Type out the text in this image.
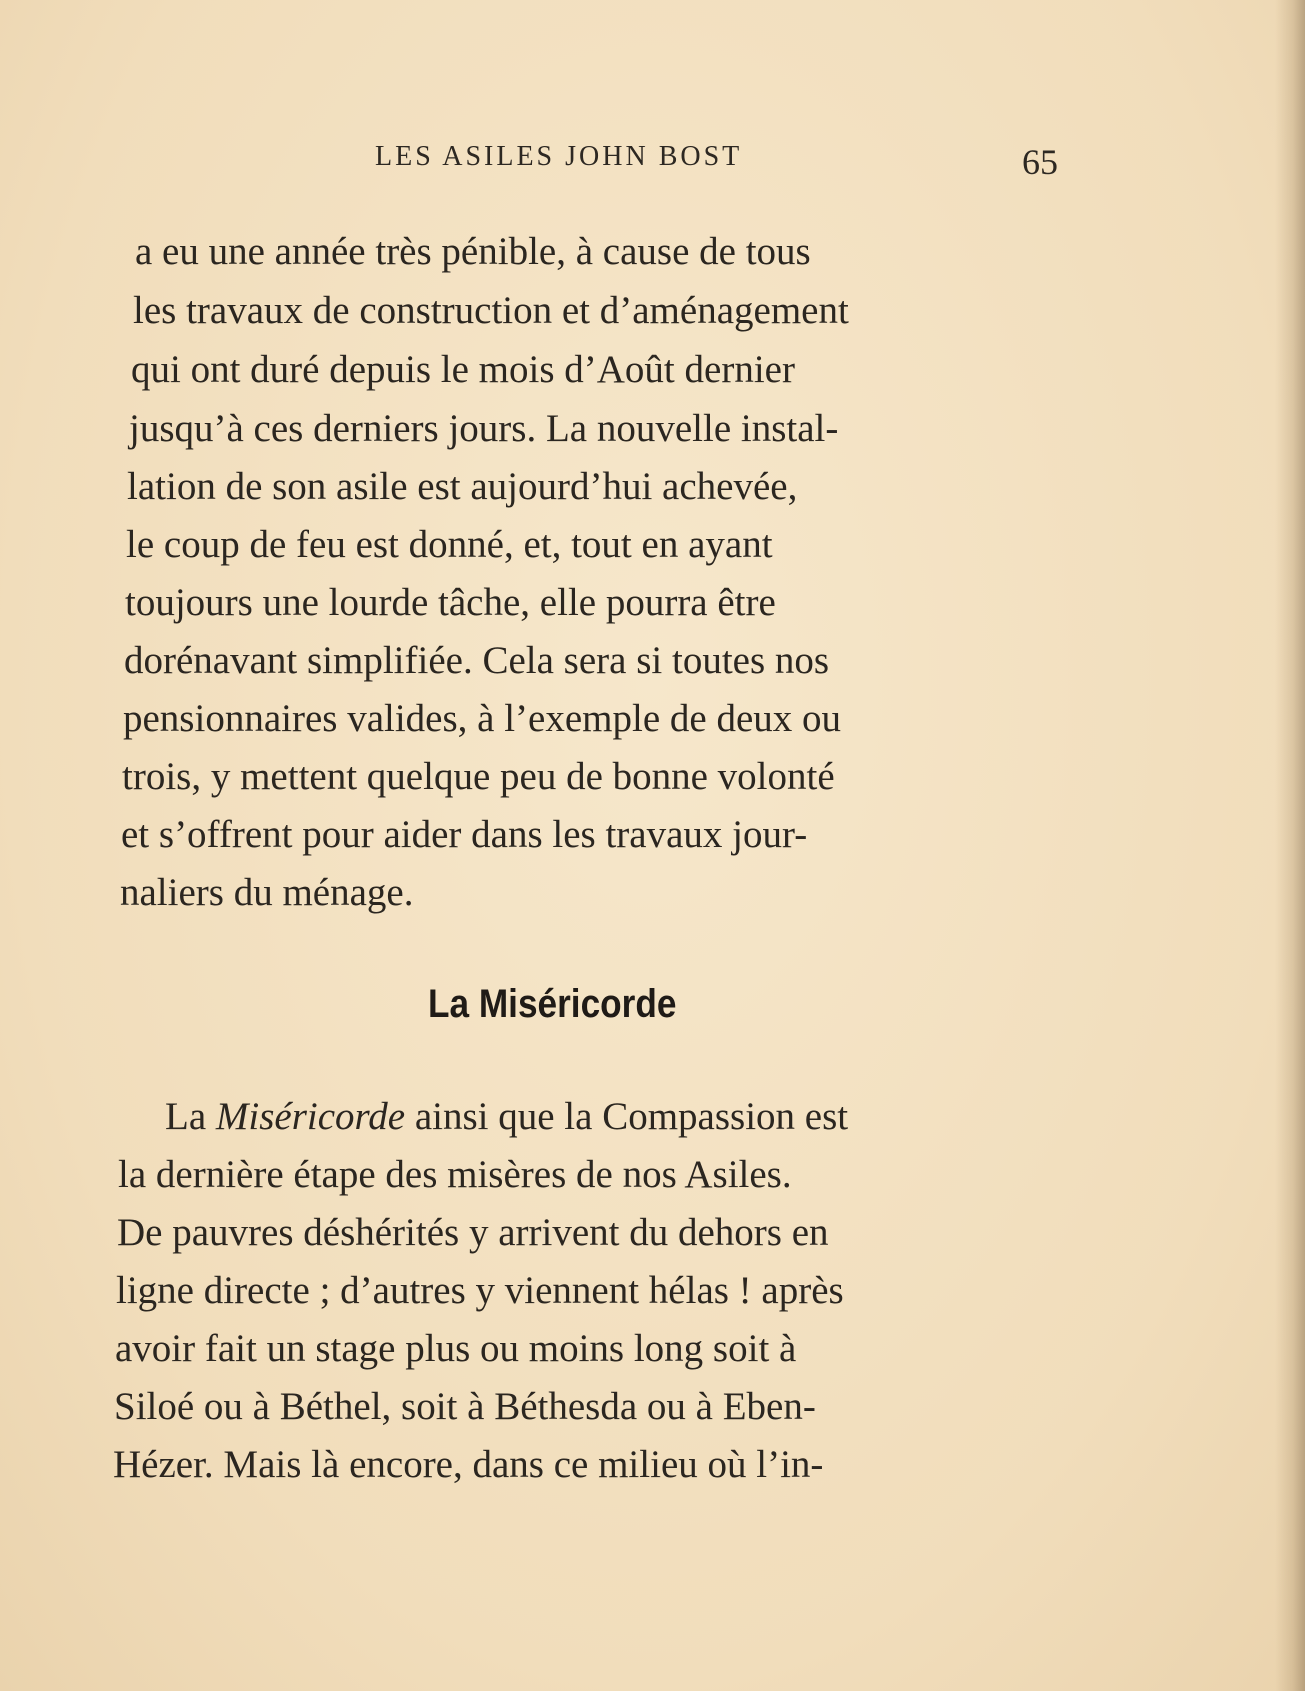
LES ASILES JOHN BOST	65
a eu une année très pénible, à cause de tous
les travaux de construction et d’aménagement
qui ont duré depuis le mois d’Août dernier
jusqu’à ces derniers jours. La nouvelle instal-
lation de son asile est aujourd’hui achevée,
le coup de feu est donné, et, tout en ayant
toujours une lourde tâche, elle pourra être
dorénavant simplifiée. Cela sera si toutes nos
pensionnaires valides, à l’exemple de deux ou
trois, y mettent quelque peu de bonne volonté
et s’offrent pour aider dans les travaux jour-
naliers du ménage.
La Miséricorde
La Miséricorde ainsi que la Compassion est
la dernière étape des misères de nos Asiles.
De pauvres déshérités y arrivent du dehors en
ligne directe ; d’autres y viennent hélas ! après
avoir fait un stage plus ou moins long soit à
Siloé ou à Béthel, soit à Béthesda ou à Eben-
Hézer. Mais là encore, dans ce milieu où l’in-
